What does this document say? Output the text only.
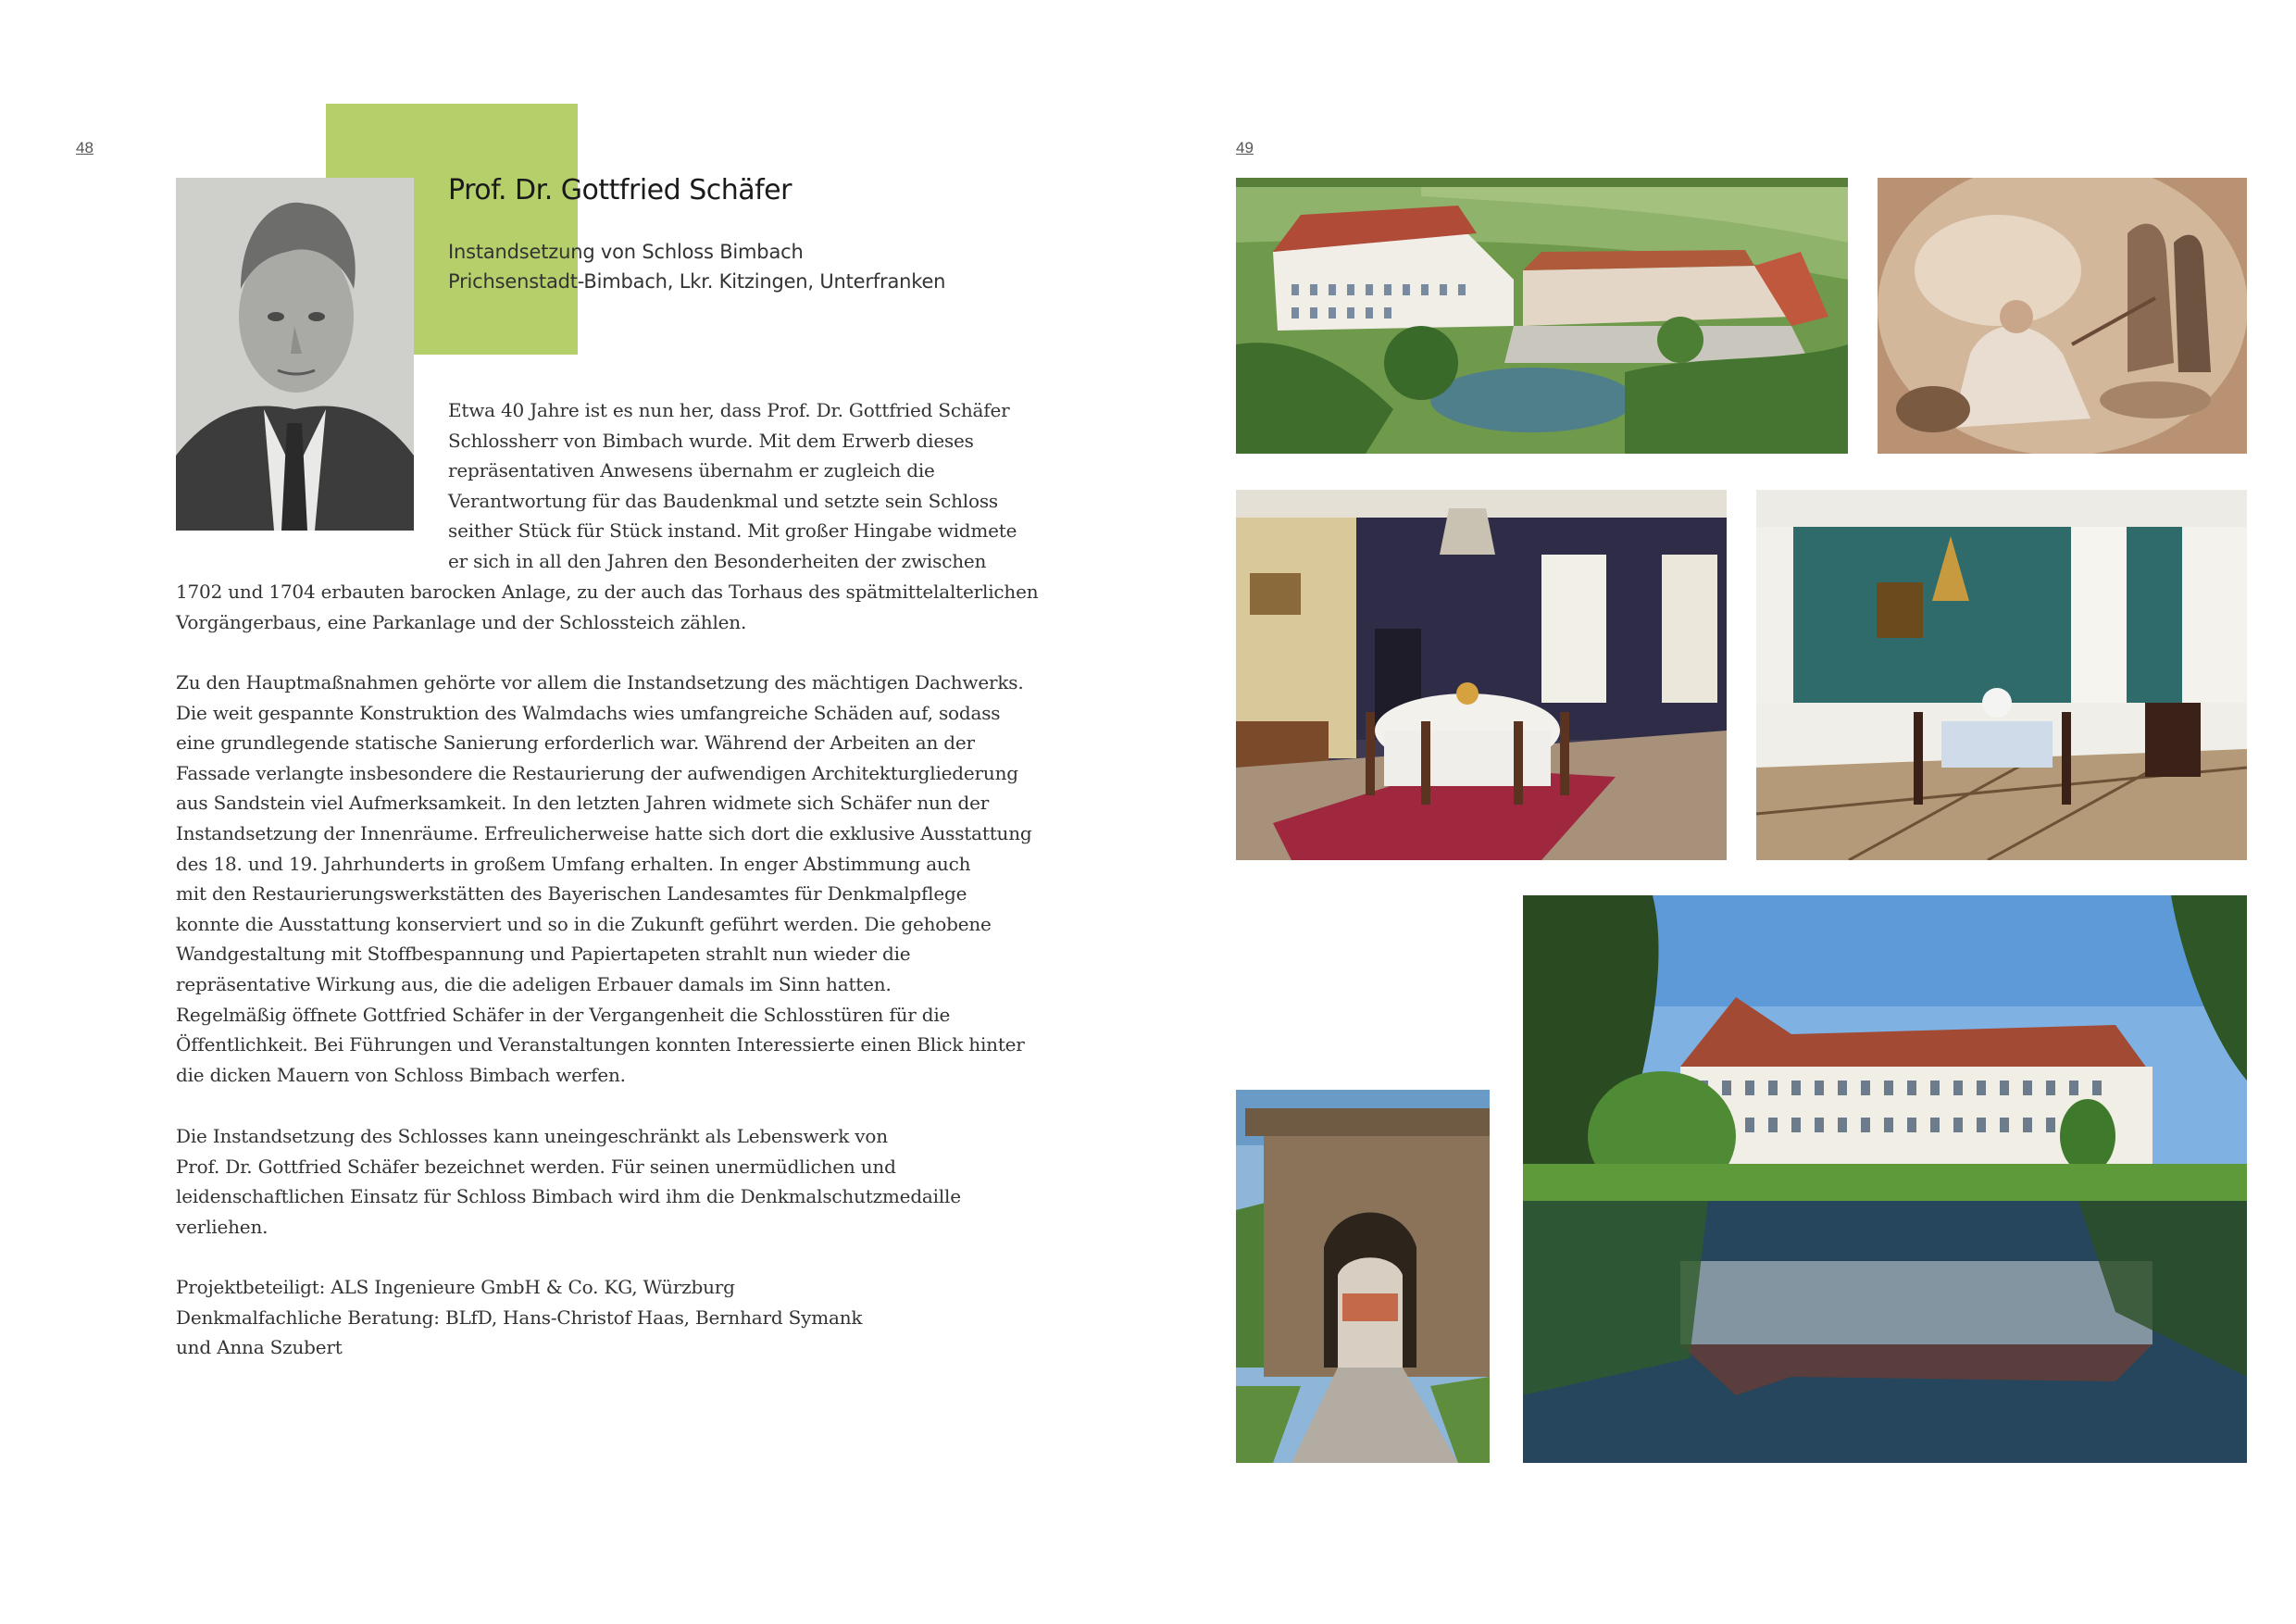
48	49
Prof. Dr. Gottfried Schäfer
Instandsetzung von Schloss Bimbach
Prichsenstadt-Bimbach, Lkr. Kitzingen, Unterfranken
Etwa 40 Jahre ist es nun her, dass Prof. Dr. Gottfried Schäfer
Schlossherr von Bimbach wurde. Mit dem Erwerb dieses
repräsentativen Anwesens übernahm er zugleich die
Verantwortung für das Baudenkmal und setzte sein Schloss
seither Stück für Stück instand. Mit großer Hingabe widmete
er sich in all den Jahren den Besonderheiten der zwischen
1702 und 1704 erbauten barocken Anlage, zu der auch das Torhaus des spätmittelalterlichen
Vorgängerbaus, eine Parkanlage und der Schlossteich zählen.
Zu den Hauptmaßnahmen gehörte vor allem die Instandsetzung des mächtigen Dachwerks.
Die weit gespannte Konstruktion des Walmdachs wies umfangreiche Schäden auf, sodass
eine grundlegende statische Sanierung erforderlich war. Während der Arbeiten an der
Fassade verlangte insbesondere die Restaurierung der aufwendigen Architekturgliederung
aus Sandstein viel Aufmerksamkeit. In den letzten Jahren widmete sich Schäfer nun der
Instandsetzung der Innenräume. Erfreulicherweise hatte sich dort die exklusive Ausstattung
des 18. und 19. Jahrhunderts in großem Umfang erhalten. In enger Abstimmung auch
mit den Restaurierungswerkstätten des Bayerischen Landesamtes für Denkmalpflege
konnte die Ausstattung konserviert und so in die Zukunft geführt werden. Die gehobene
Wandgestaltung mit Stoffbespannung und Papiertapeten strahlt nun wieder die
repräsentative Wirkung aus, die die adeligen Erbauer damals im Sinn hatten.
Regelmäßig öffnete Gottfried Schäfer in der Vergangenheit die Schlosstüren für die
Öffentlichkeit. Bei Führungen und Veranstaltungen konnten Interessierte einen Blick hinter
die dicken Mauern von Schloss Bimbach werfen.
Die Instandsetzung des Schlosses kann uneingeschränkt als Lebenswerk von
Prof. Dr. Gottfried Schäfer bezeichnet werden. Für seinen unermüdlichen und
leidenschaftlichen Einsatz für Schloss Bimbach wird ihm die Denkmalschutzmedaille
verliehen.
Projektbeteiligt: ALS Ingenieure GmbH & Co. KG, Würzburg
Denkmalfachliche Beratung: BLfD, Hans-Christof Haas, Bernhard Symank
und Anna Szubert
